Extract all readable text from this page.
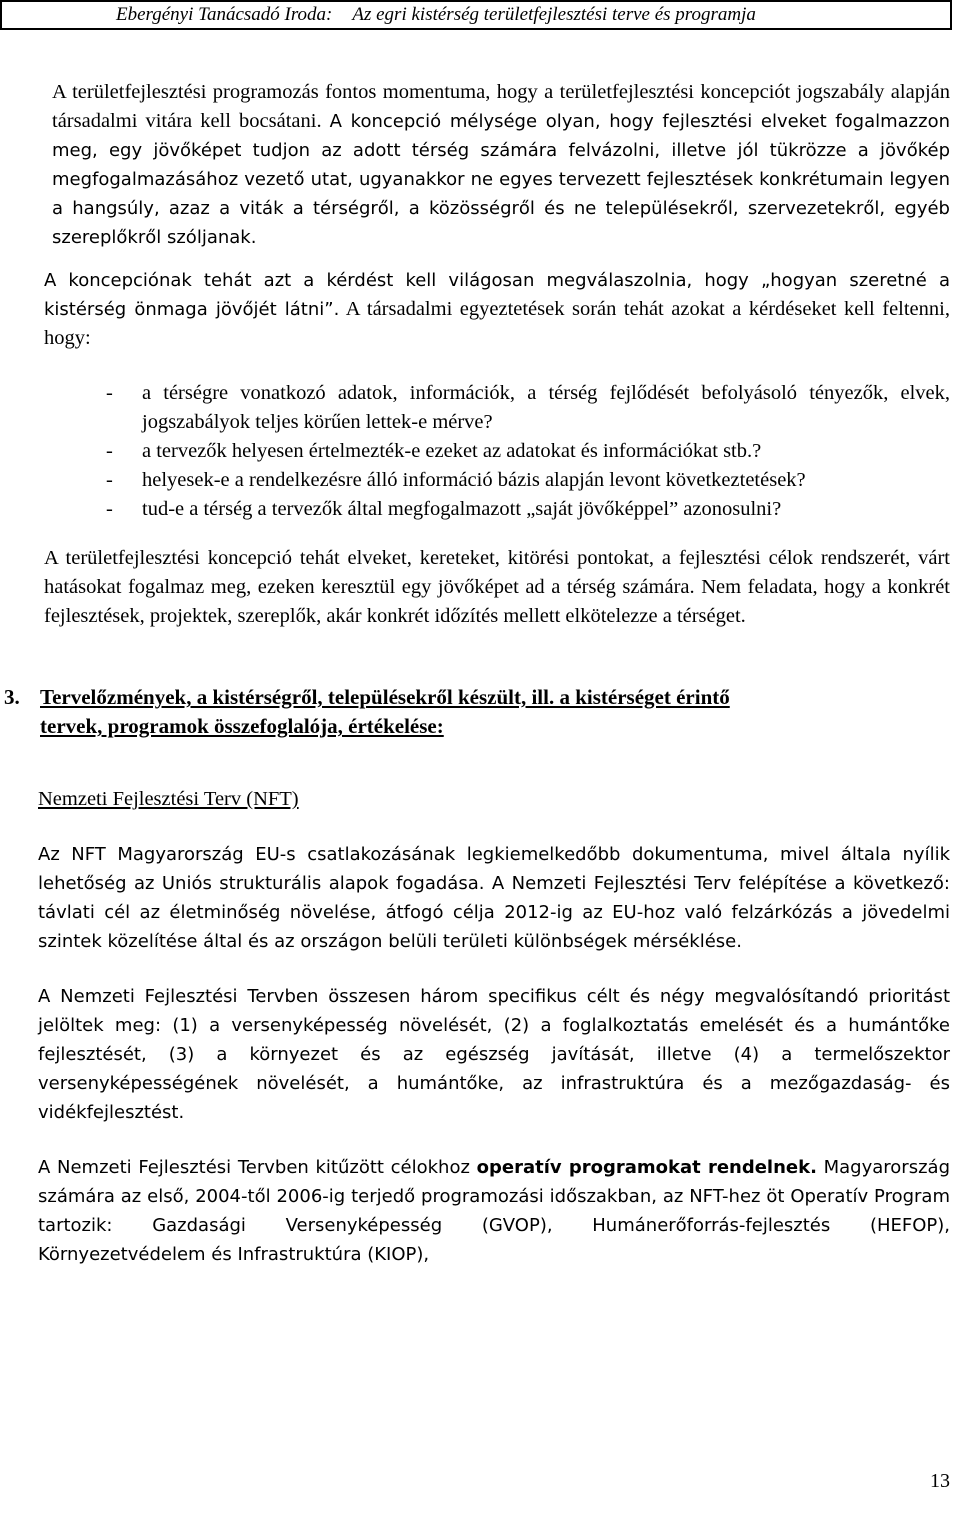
Ebergényi Tanácsadó Iroda: Az egri kistérség területfejlesztési terve és programja

A területfejlesztési programozás fontos momentuma, hogy a területfejlesztési koncepciót jogszabály alapján társadalmi vitára kell bocsátani. A koncepció mélysége olyan, hogy fejlesztési elveket fogalmazzon meg, egy jövőképet tudjon az adott térség számára felvázolni, illetve jól tükrözze a jövőkép megfogalmazásához vezető utat, ugyanakkor ne egyes tervezett fejlesztések konkrétumain legyen a hangsúly, azaz a viták a térségről, a közösségről és ne településekről, szervezetekről, egyéb szereplőkről szóljanak.

A koncepciónak tehát azt a kérdést kell világosan megválaszolnia, hogy „hogyan szeretné a kistérség önmaga jövőjét látni”. A társadalmi egyeztetések során tehát azokat a kérdéseket kell feltenni, hogy:

- a térségre vonatkozó adatok, információk, a térség fejlődését befolyásoló tényezők, elvek, jogszabályok teljes körűen lettek-e mérve?
- a tervezők helyesen értelmezték-e ezeket az adatokat és információkat stb.?
- helyesek-e a rendelkezésre álló információ bázis alapján levont következtetések?
- tud-e a térség a tervezők által megfogalmazott „saját jövőképpel” azonosulni?

A területfejlesztési koncepció tehát elveket, kereteket, kitörési pontokat, a fejlesztési célok rendszerét, várt hatásokat fogalmaz meg, ezeken keresztül egy jövőképet ad a térség számára. Nem feladata, hogy a konkrét fejlesztések, projektek, szereplők, akár konkrét időzítés mellett elkötelezze a térséget.

3. Tervelőzmények, a kistérségről, településekről készült, ill. a kistérséget érintő

tervek, programok összefoglalója, értékelése:

Nemzeti Fejlesztési Terv (NFT)

Az NFT Magyarország EU-s csatlakozásának legkiemelkedőbb dokumentuma, mivel általa nyílik lehetőség az Uniós strukturális alapok fogadása. A Nemzeti Fejlesztési Terv felépítése a következő: távlati cél az életminőség növelése, átfogó célja 2012-ig az EU-hoz való felzárkózás a jövedelmi szintek közelítése által és az országon belüli területi különbségek mérséklése.

A Nemzeti Fejlesztési Tervben összesen három specifikus célt és négy megvalósítandó prioritást jelöltek meg: (1) a versenyképesség növelését, (2) a foglalkoztatás emelését és a humántőke fejlesztését, (3) a környezet és az egészség javítását, illetve (4) a termelőszektor versenyképességének növelését, a humántőke, az infrastruktúra és a mezőgazdaság- és vidékfejlesztést.

A Nemzeti Fejlesztési Tervben kitűzött célokhoz operatív programokat rendelnek. Magyarország számára az első, 2004-től 2006-ig terjedő programozási időszakban, az NFT-hez öt Operatív Program tartozik: Gazdasági Versenyképesség (GVOP), Humánerőforrás-fejlesztés (HEFOP), Környezetvédelem és Infrastruktúra (KIOP),

13
